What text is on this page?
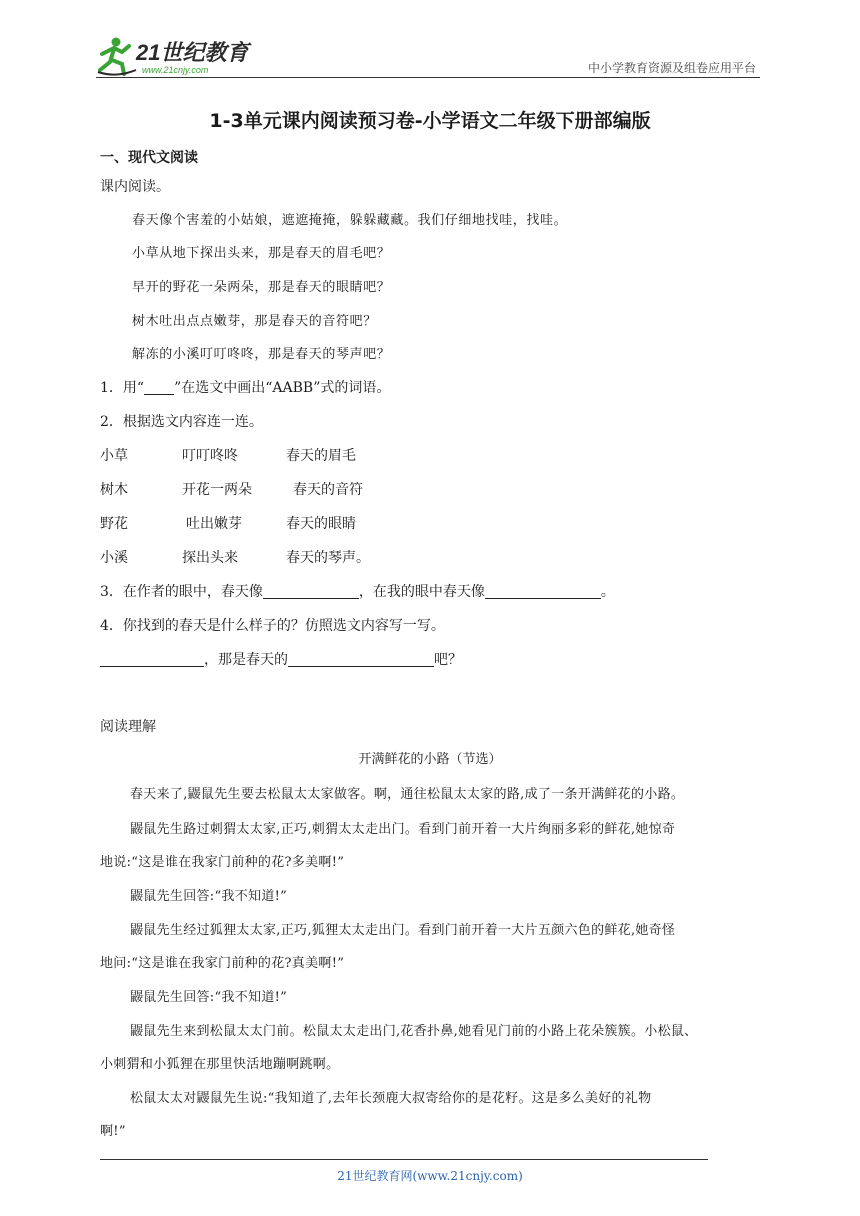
21世纪教育
www.21cnjy.com	中小学教育资源及组卷应用平台
1-3单元课内阅读预习卷-小学语文二年级下册部编版
一、现代文阅读
课内阅读。
春天像个害羞的小姑娘，遮遮掩掩，躲躲藏藏。我们仔细地找哇，找哇。
小草从地下探出头来，那是春天的眉毛吧？
早开的野花一朵两朵，那是春天的眼睛吧？
树木吐出点点嫩芽，那是春天的音符吧？
解冻的小溪叮叮咚咚，那是春天的琴声吧？
1．用“ ”在选文中画出“AABB”式的词语。
2．根据选文内容连一连。
小草	叮叮咚咚	春天的眉毛
树木	开花一两朵	春天的音符
野花	吐出嫩芽	春天的眼睛
小溪	探出头来	春天的琴声。
3．在作者的眼中，春天像	，在我的眼中春天像	。
4．你找到的春天是什么样子的？仿照选文内容写一写。
，那是春天的	吧？
阅读理解
开满鲜花的小路（节选）
春天来了,鼹鼠先生要去松鼠太太家做客。啊，通往松鼠太太家的路,成了一条开满鲜花的小路。
鼹鼠先生路过刺猬太太家,正巧,刺猬太太走出门。看到门前开着一大片绚丽多彩的鲜花,她惊奇
地说:“这是谁在我家门前种的花?多美啊!”
鼹鼠先生回答:“我不知道!”
鼹鼠先生经过狐狸太太家,正巧,狐狸太太走出门。看到门前开着一大片五颜六色的鲜花,她奇怪
地问:“这是谁在我家门前种的花?真美啊!”
鼹鼠先生回答:“我不知道!”
鼹鼠先生来到松鼠太太门前。松鼠太太走出门,花香扑鼻,她看见门前的小路上花朵簇簇。小松鼠、
小刺猬和小狐狸在那里快活地蹦啊跳啊。
松鼠太太对鼹鼠先生说:“我知道了,去年长颈鹿大叔寄给你的是花籽。这是多么美好的礼物
啊!”
21世纪教育网(www.21cnjy.com)
